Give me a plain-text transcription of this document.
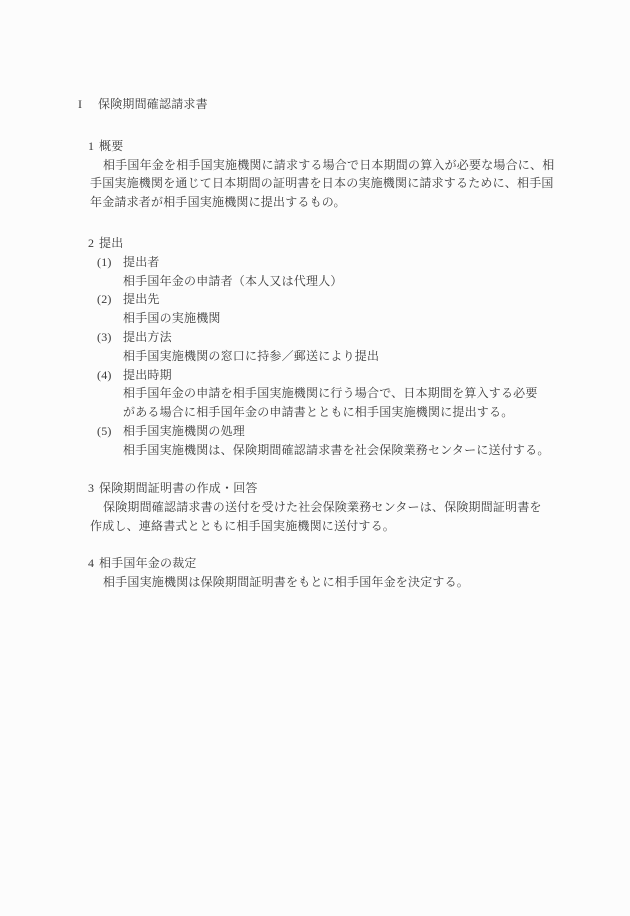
I 保険期間確認請求書
1 概要
相手国年金を相手国実施機関に請求する場合で日本期間の算入が必要な場合に、相
手国実施機関を通じて日本期間の証明書を日本の実施機関に請求するために、相手国
年金請求者が相手国実施機関に提出するもの。
2 提出
(1) 提出者
相手国年金の申請者（本人又は代理人）
(2) 提出先
相手国の実施機関
(3) 提出方法
相手国実施機関の窓口に持参／郵送により提出
(4) 提出時期
相手国年金の申請を相手国実施機関に行う場合で、日本期間を算入する必要
がある場合に相手国年金の申請書とともに相手国実施機関に提出する。
(5) 相手国実施機関の処理
相手国実施機関は、保険期間確認請求書を社会保険業務センターに送付する。
3 保険期間証明書の作成・回答
保険期間確認請求書の送付を受けた社会保険業務センターは、保険期間証明書を
作成し、連絡書式とともに相手国実施機関に送付する。
4 相手国年金の裁定
相手国実施機関は保険期間証明書をもとに相手国年金を決定する。
